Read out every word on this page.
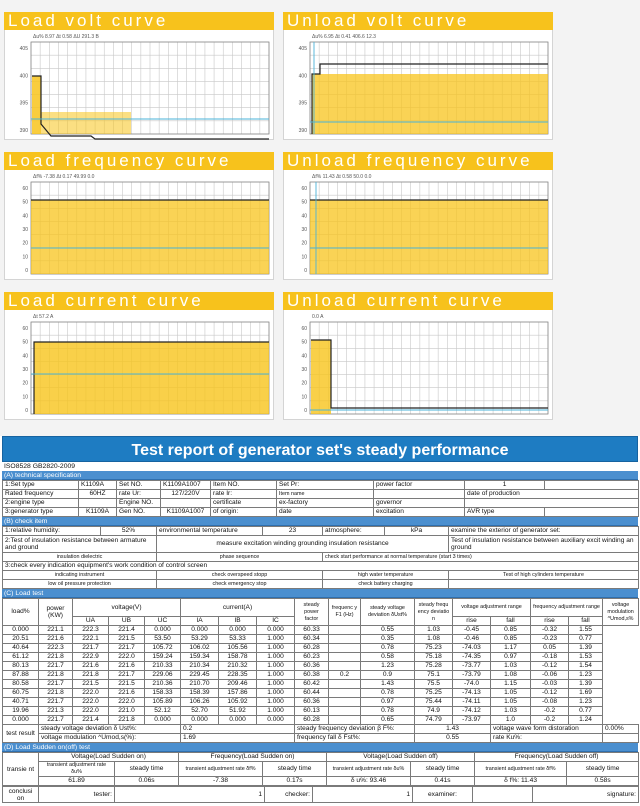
Load volt curve
Δu% 8.97 Δt 0.58 ΔU 291.3 B
405
400
395
390
Unload volt curve
Δu% 6.95 Δt 0.41 406.6 12.3
405
400
395
390
Load frequency curve
Δf% -7.38 Δt 0.17 49.99 0.0
60
50
40
30
20
10
0
Unload frequency curve
Δf% 11.43 Δt 0.58 50.0 0.0
60
50
40
30
20
10
0
Load current curve
Δt 57.2 A
60
50
40
30
20
10
0
Unload current curve
0.0 A
60
50
40
30
20
10
0
Test report of generator set's steady performance
ISO8528 GB2820-2009
(A) technical specification
1:Set type	K1109A	Set NO.	K1109A1007	Item NO.	Set Pr:	power factor	1	
Rated frequency	60HZ	rate Ur:	127/220V	rate Ir:	Item name		date of production	
2:engine type		Engine NO.		certificate	ex-factory	governor		
3:generator type	K1109A	Gen NO.	K1109A1007	of origin:	date	excitation	AVR type	
(B) check item
1:relative humidity:	52%	environmental temperature	23	atmosphere:	kPa	examine the exterior of generator set:
2:Test of insulation resistance between armature and ground		measure excitation winding grounding insulation resistance				Test of insulation resistance between auxiliary excit winding an ground
insulation dielectric		phase sequence		check start performance at normal temperature (start 3 times)		
3:check every indication equipment's work condition of control screen						
indicating instrument		check overspeed stopp		high water temperature		Test of high cylinders temperature
low oil pressure protection		check emergency stop		check battery charging		
(C) Load test
load%	power (KW)	voltage(V)			current(A)			steady power factor	frequenc y F1 (Hz)	steady voltage deviation δUst%	steady frequ ency deviatio n	voltage adjustment range		frequency adjustment range		voltage modulation ^Umod,s%
		UA	UB	UC	IA	IB	IC					rise	fall	rise	fall	
0.000	221.1	222.3	221.4	0.000	0.000	0.000	0.000	60.33		0.55	1.03	-0.45	0.85	-0.32	1.55	
20.51	221.6	222.1	221.5	53.50	53.29	53.33	1.000	60.34		0.35	1.08	-0.46	0.85	-0.23	0.77	
40.64	222.3	221.7	221.7	105.72	106.02	105.56	1.000	60.28		0.78	75.23	-74.03	1.17	0.05	1.39	
61.12	221.8	222.9	222.0	159.24	159.34	158.78	1.000	60.23		0.58	75.18	-74.35	0.97	-0.18	1.53	
80.13	221.7	221.6	221.6	210.33	210.34	210.32	1.000	60.36		1.23	75.28	-73.77	1.03	-0.12	1.54	
87.88	221.8	221.8	221.7	229.06	229.45	228.35	1.000	60.38	0.2	0.9	75.1	-73.79	1.08	-0.06	1.23	
80.58	221.7	221.5	221.5	210.36	210.70	209.46	1.000	60.42		1.43	75.5	-74.0	1.15	-0.03	1.39	
60.75	221.8	222.0	221.6	158.33	158.39	157.86	1.000	60.44		0.78	75.25	-74.13	1.05	-0.12	1.69	
40.71	221.7	222.0	222.0	105.89	106.26	105.92	1.000	60.36		0.97	75.44	-74.11	1.05	-0.08	1.23	
19.96	221.3	222.0	221.0	52.12	52.70	51.92	1.000	60.13		0.78	74.9	-74.12	1.03	-0.2	0.77	
0.000	221.7	221.4	221.8	0.000	0.000	0.000	0.000	60.28		0.65	74.79	-73.97	1.0	-0.2	1.24	
test result	steady voltage deviation δ Ust%:				0.2			steady frequency deviation β F%:			1.43		voltage wave form distoration			0.00%
	voltage modulation ^Umod,s(%):				1.69			frequency fall δ Fst%:			0.55		rate Ku%:			
(D) Load Sudden on(off) test
transie nt	Voltage(Load Sudden on)		Frequency(Load Sudden on)		Voltage(Load Sudden off)		Frequency(Load Sudden off)	
	transient adjustment rate δu%	steady time	transient adjustment rate δf%	steady time	transient adjustment rate δu%	steady time	transient adjustment rate δf%	steady time
	61.89	0.06s	-7.38	0.17s	δ u%: 93.46	0.41s	δ f%: 11.43	0.58s
conclusi on	tester:	1	checker:	1	examiner:		signature:
